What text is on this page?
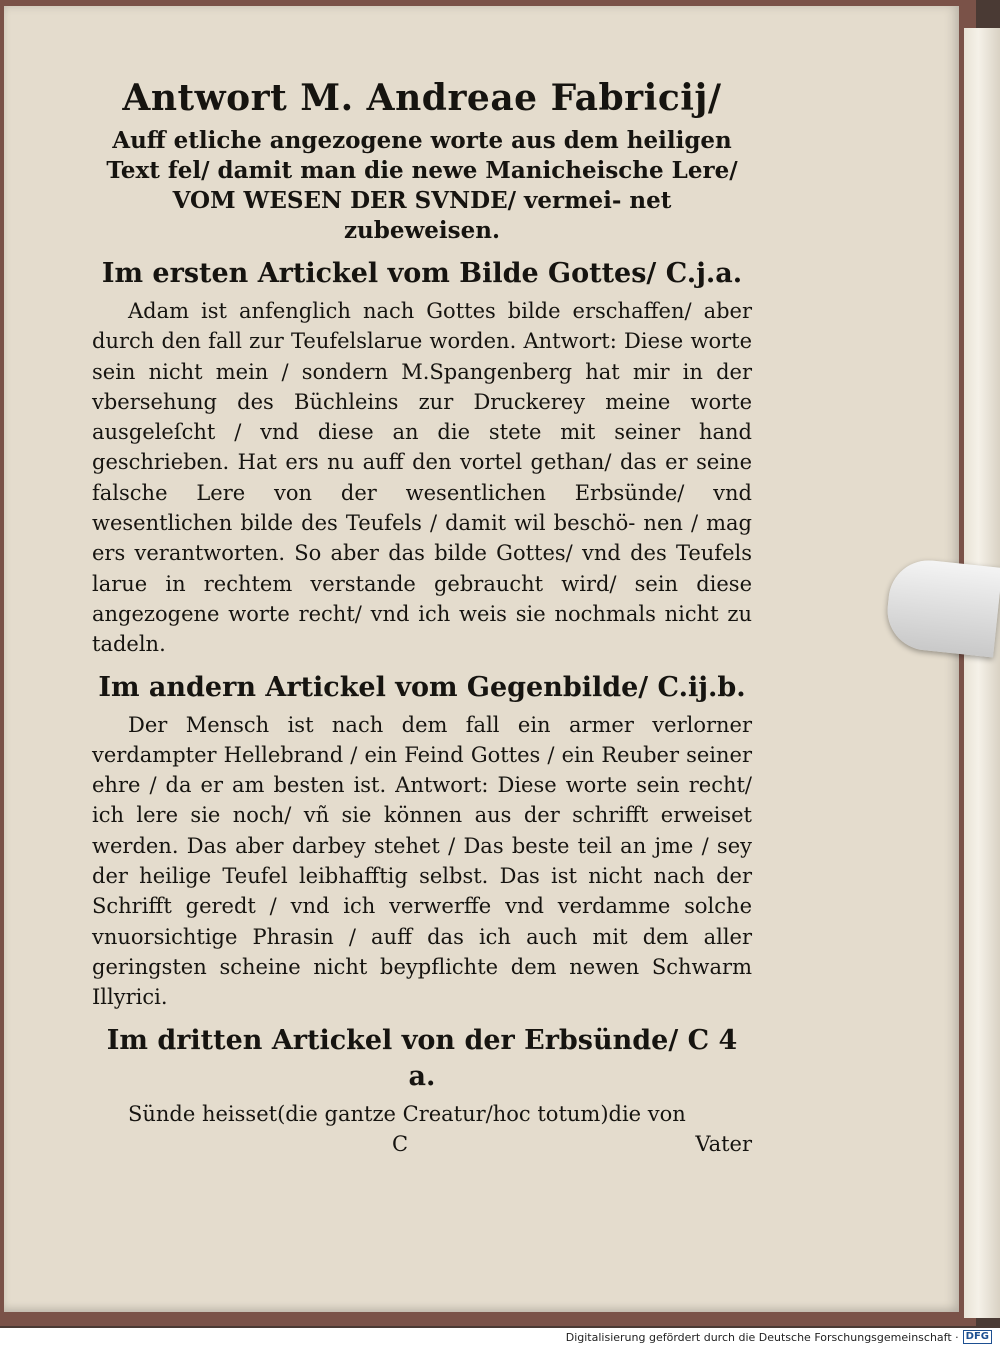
Antwort M. Andreae Fabricij/

Auff etliche angezogene worte aus dem heiligen Text fel/ damit man die newe Manicheische Lere/ VOM WESEN DER SVNDE/ vermei- net zubeweisen.

Im ersten Artickel vom Bilde Gottes/ C.j.a.

Adam ist anfenglich nach Gottes bilde erschaffen/ aber durch den fall zur Teufelslarue worden. Antwort: Diese worte sein nicht mein / sondern M.Spangenberg hat mir in der vbersehung des Büchleins zur Druckerey meine worte ausgeleſcht / vnd diese an die stete mit seiner hand geschrieben. Hat ers nu auff den vortel gethan/ das er seine falsche Lere von der wesentlichen Erbsünde/ vnd wesentlichen bilde des Teufels / damit wil beschö- nen / mag ers verantworten. So aber das bilde Gottes/ vnd des Teufels larue in rechtem verstande gebraucht wird/ sein diese angezogene worte recht/ vnd ich weis sie nochmals nicht zu tadeln.

Im andern Artickel vom Gegenbilde/ C.ij.b.

Der Mensch ist nach dem fall ein armer verlorner verdampter Hellebrand / ein Feind Gottes / ein Reuber seiner ehre / da er am besten ist. Antwort: Diese worte sein recht/ ich lere sie noch/ vñ sie können aus der schrifft erweiset werden. Das aber darbey stehet / Das beste teil an jme / sey der heilige Teufel leibhafftig selbst. Das ist nicht nach der Schrifft geredt / vnd ich verwerffe vnd verdamme solche vnuorsichtige Phrasin / auff das ich auch mit dem aller geringsten scheine nicht beypflichte dem newen Schwarm Illyrici.

Im dritten Artickel von der Erbsünde/ C 4 a.

Sünde heisset(die gantze Creatur/hoc totum)die von

C	Vater
Digitalisierung gefördert durch die Deutsche Forschungsgemeinschaft · DFG
